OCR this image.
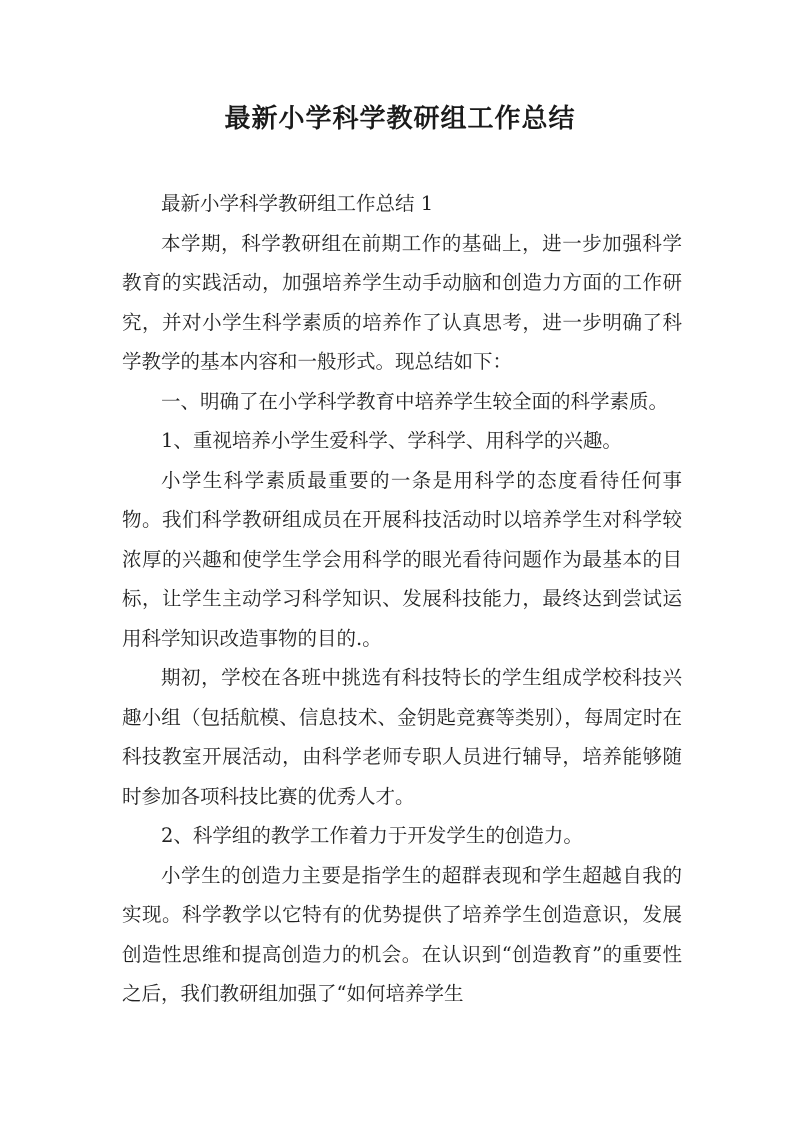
最新小学科学教研组工作总结

最新小学科学教研组工作总结 1

本学期，科学教研组在前期工作的基础上，进一步加强科学教育的实践活动，加强培养学生动手动脑和创造力方面的工作研究，并对小学生科学素质的培养作了认真思考，进一步明确了科学教学的基本内容和一般形式。现总结如下：

一、明确了在小学科学教育中培养学生较全面的科学素质。

1、重视培养小学生爱科学、学科学、用科学的兴趣。

小学生科学素质最重要的一条是用科学的态度看待任何事物。我们科学教研组成员在开展科技活动时以培养学生对科学较浓厚的兴趣和使学生学会用科学的眼光看待问题作为最基本的目标，让学生主动学习科学知识、发展科技能力，最终达到尝试运用科学知识改造事物的目的.。

期初，学校在各班中挑选有科技特长的学生组成学校科技兴趣小组（包括航模、信息技术、金钥匙竞赛等类别），每周定时在科技教室开展活动，由科学老师专职人员进行辅导，培养能够随时参加各项科技比赛的优秀人才。

2、科学组的教学工作着力于开发学生的创造力。

小学生的创造力主要是指学生的超群表现和学生超越自我的实现。科学教学以它特有的优势提供了培养学生创造意识，发展创造性思维和提高创造力的机会。在认识到“创造教育”的重要性之后，我们教研组加强了“如何培养学生
